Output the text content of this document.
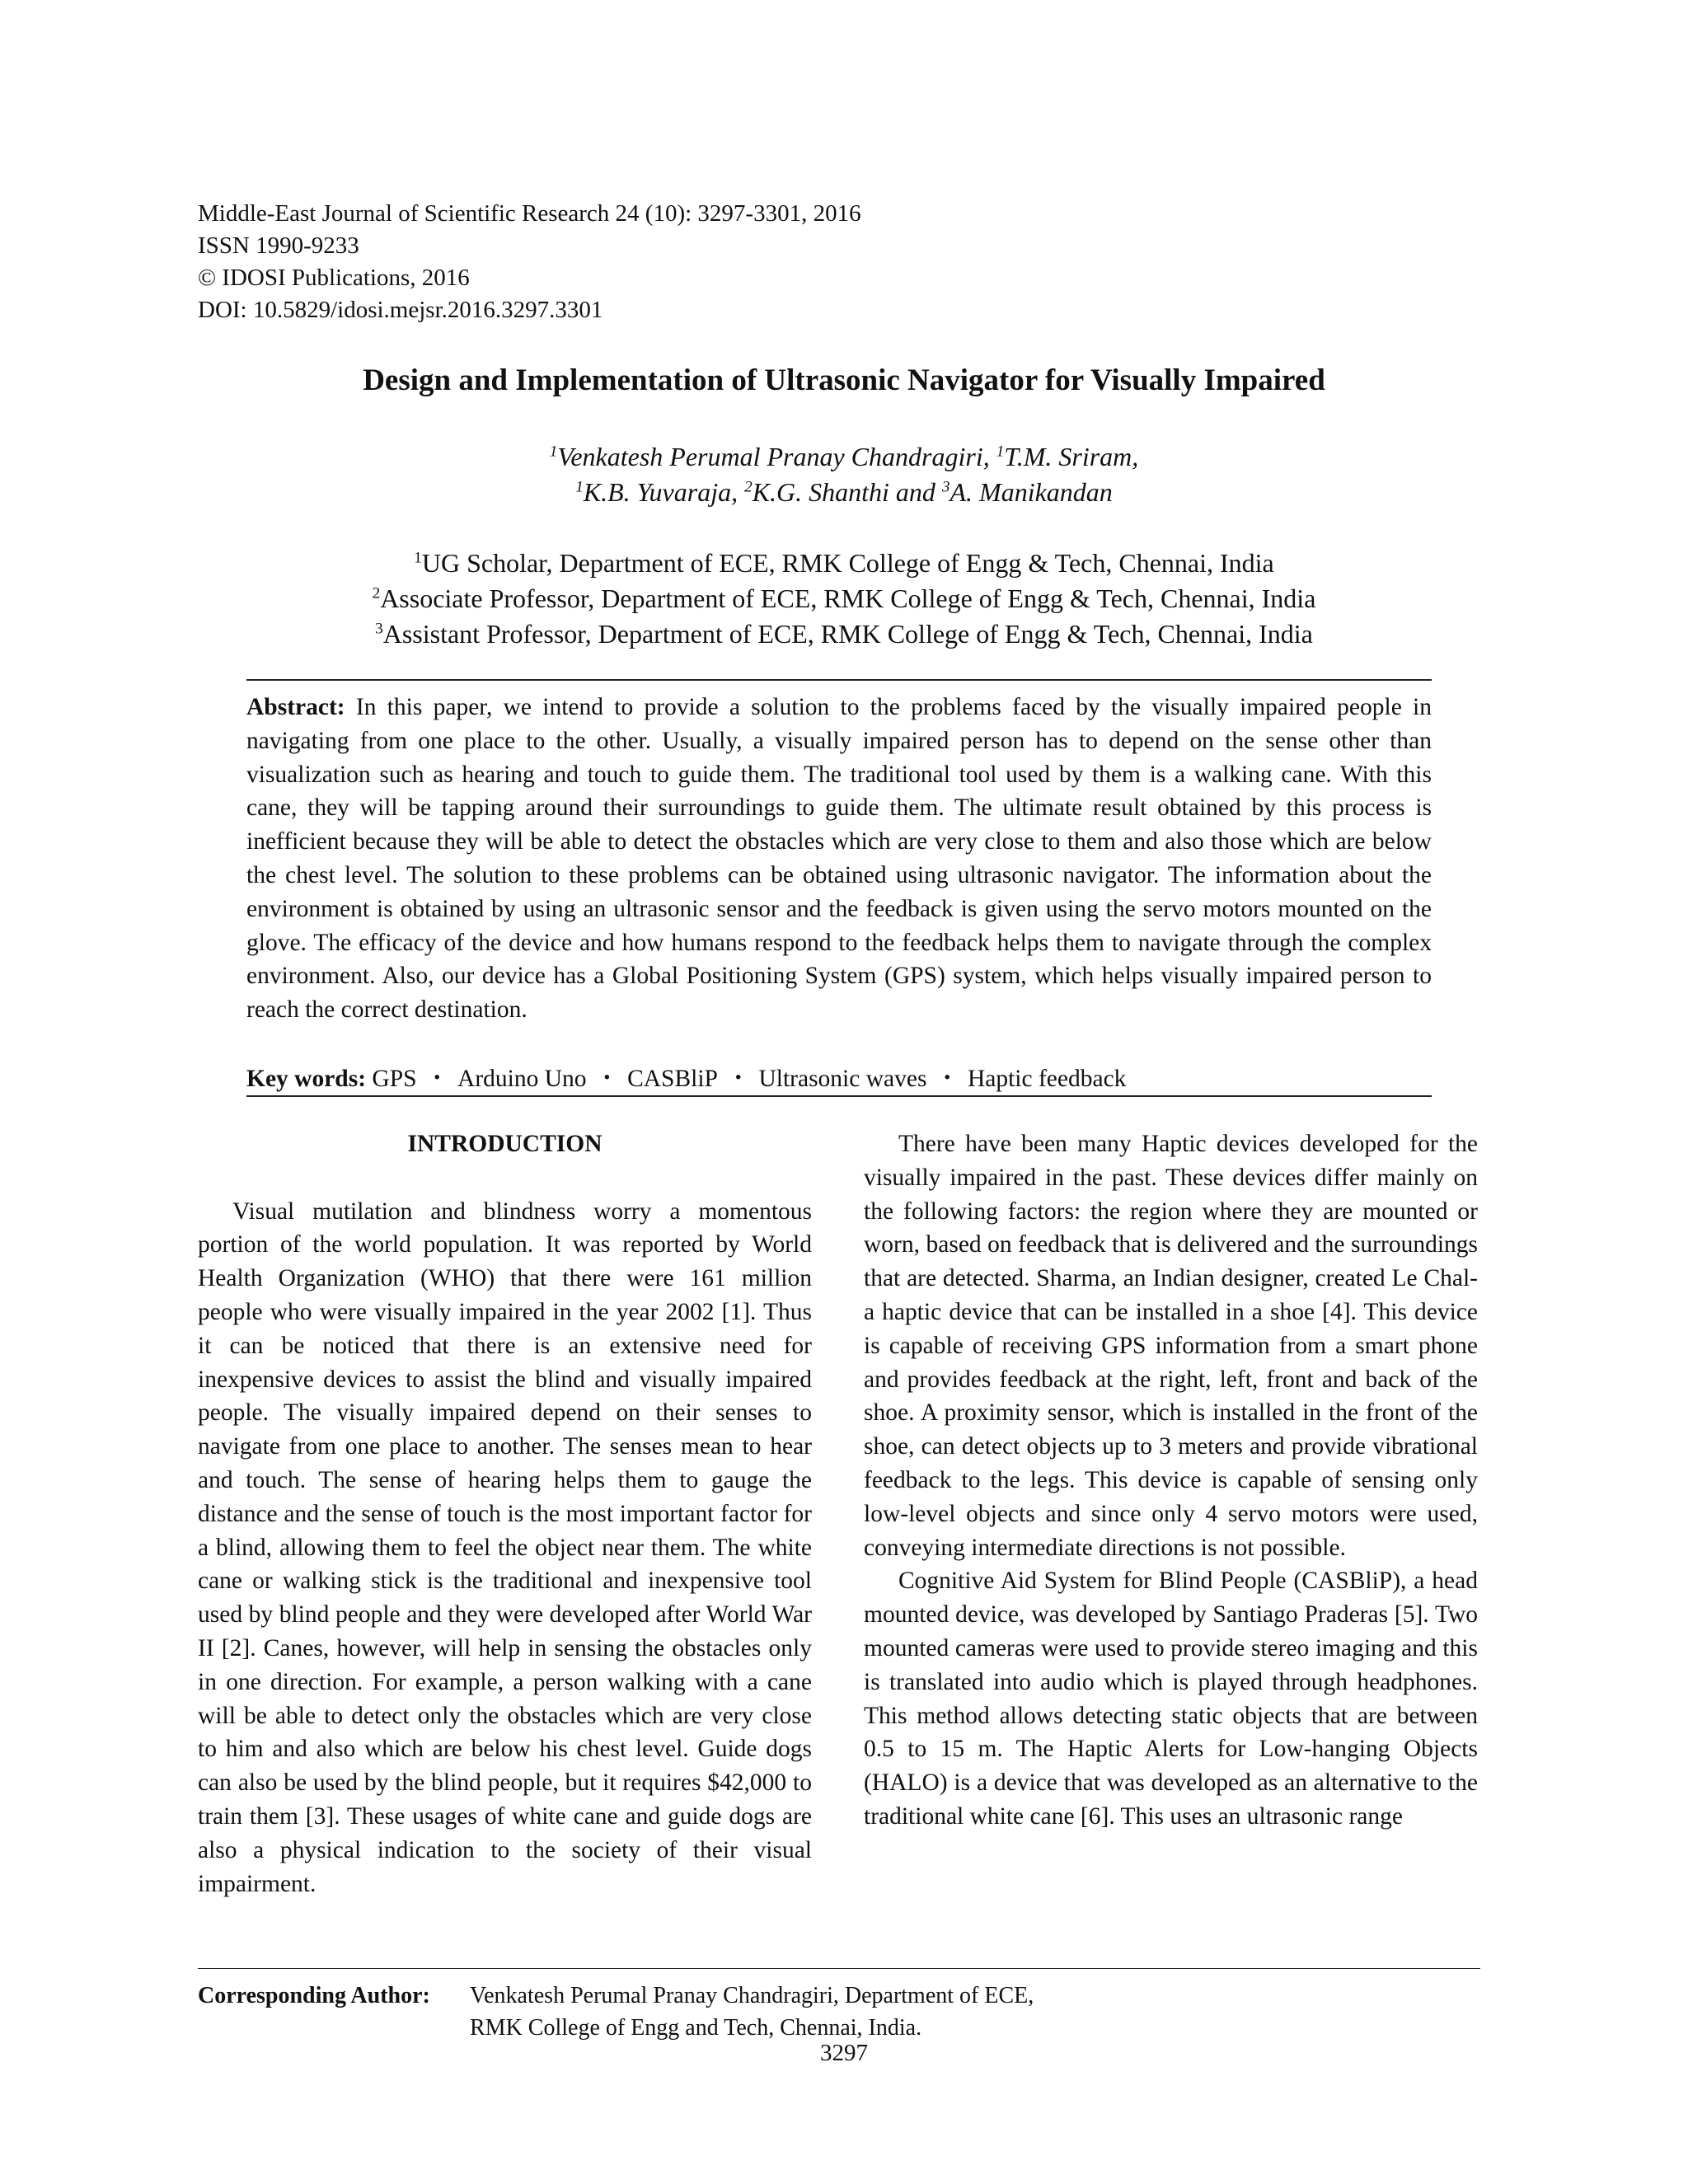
Middle-East Journal of Scientific Research 24 (10): 3297-3301, 2016
ISSN 1990-9233
© IDOSI Publications, 2016
DOI: 10.5829/idosi.mejsr.2016.3297.3301
Design and Implementation of Ultrasonic Navigator for Visually Impaired
$^1$Venkatesh Perumal Pranay Chandragiri, $^1$T.M. Sriram,
$^1$K.B. Yuvaraja, $^2$K.G. Shanthi and $^3$A. Manikandan
$^1$UG Scholar, Department of ECE, RMK College of Engg & Tech, Chennai, India
$^2$Associate Professor, Department of ECE, RMK College of Engg & Tech, Chennai, India
$^3$Assistant Professor, Department of ECE, RMK College of Engg & Tech, Chennai, India
Abstract: In this paper, we intend to provide a solution to the problems faced by the visually impaired people in navigating from one place to the other. Usually, a visually impaired person has to depend on the sense other than visualization such as hearing and touch to guide them. The traditional tool used by them is a walking cane. With this cane, they will be tapping around their surroundings to guide them. The ultimate result obtained by this process is inefficient because they will be able to detect the obstacles which are very close to them and also those which are below the chest level. The solution to these problems can be obtained using ultrasonic navigator. The information about the environment is obtained by using an ultrasonic sensor and the feedback is given using the servo motors mounted on the glove. The efficacy of the device and how humans respond to the feedback helps them to navigate through the complex environment. Also, our device has a Global Positioning System (GPS) system, which helps visually impaired person to reach the correct destination.
Key words: GPS ・ Arduino Uno ・ CASBliP ・ Ultrasonic waves ・ Haptic feedback
INTRODUCTION

Visual mutilation and blindness worry a momentous portion of the world population. It was reported by World Health Organization (WHO) that there were 161 million people who were visually impaired in the year 2002 [1]. Thus it can be noticed that there is an extensive need for inexpensive devices to assist the blind and visually impaired people. The visually impaired depend on their senses to navigate from one place to another. The senses mean to hear and touch. The sense of hearing helps them to gauge the distance and the sense of touch is the most important factor for a blind, allowing them to feel the object near them. The white cane or walking stick is the traditional and inexpensive tool used by blind people and they were developed after World War II [2]. Canes, however, will help in sensing the obstacles only in one direction. For example, a person walking with a cane will be able to detect only the obstacles which are very close to him and also which are below his chest level. Guide dogs can also be used by the blind people, but it requires $42,000 to train them [3]. These usages of white cane and guide dogs are also a physical indication to the society of their visual impairment.

There have been many Haptic devices developed for the visually impaired in the past. These devices differ mainly on the following factors: the region where they are mounted or worn, based on feedback that is delivered and the surroundings that are detected. Sharma, an Indian designer, created Le Chal- a haptic device that can be installed in a shoe [4]. This device is capable of receiving GPS information from a smart phone and provides feedback at the right, left, front and back of the shoe. A proximity sensor, which is installed in the front of the shoe, can detect objects up to 3 meters and provide vibrational feedback to the legs. This device is capable of sensing only low-level objects and since only 4 servo motors were used, conveying intermediate directions is not possible.

Cognitive Aid System for Blind People (CASBliP), a head mounted device, was developed by Santiago Praderas [5]. Two mounted cameras were used to provide stereo imaging and this is translated into audio which is played through headphones. This method allows detecting static objects that are between 0.5 to 15 m. The Haptic Alerts for Low-hanging Objects (HALO) is a device that was developed as an alternative to the traditional white cane [6]. This uses an ultrasonic range

Corresponding Author: Venkatesh Perumal Pranay Chandragiri, Department of ECE,
RMK College of Engg and Tech, Chennai, India.
3297
